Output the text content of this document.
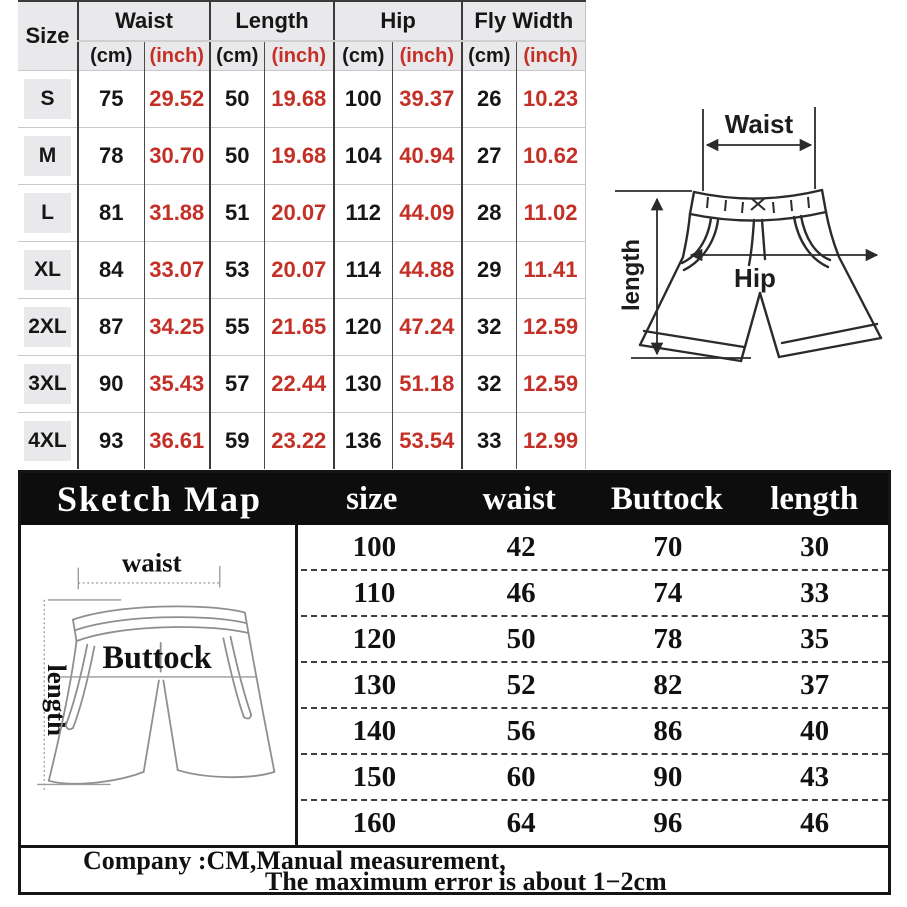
Size	Waist		Length		Hip		Fly Width	
	(cm)	(inch)	(cm)	(inch)	(cm)	(inch)	(cm)	(inch)

S	75	29.52	50	19.68	100	39.37	26	10.23

M	78	30.70	50	19.68	104	40.94	27	10.62

L	81	31.88	51	20.07	112	44.09	28	11.02

XL	84	33.07	53	20.07	114	44.88	29	11.41

2XL	87	34.25	55	21.65	120	47.24	32	12.59

3XL	90	35.43	57	22.44	130	51.18	32	12.59

4XL	93	36.61	59	23.22	136	53.54	33	12.99
Waist
length	Hip
Sketch Map	size	waist	Buttock	length
waist
length
Buttock
100	42	70	30
110	46	74	33
120	50	78	35
130	52	82	37
140	56	86	40
150	60	90	43
160	64	96	46
Company :CM,Manual measurement,
The maximum error is about 1−2cm
